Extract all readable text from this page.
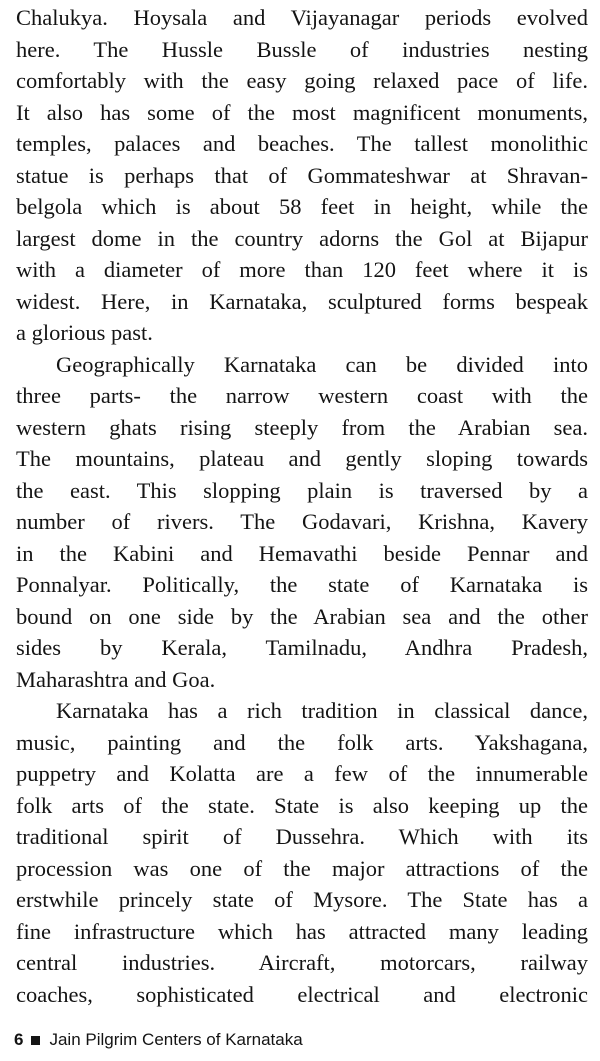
Chalukya. Hoysala and Vijayanagar periods evolved
here. The Hussle Bussle of industries nesting
comfortably with the easy going relaxed pace of life.
It also has some of the most magnificent monuments,
temples, palaces and beaches. The tallest monolithic
statue is perhaps that of Gommateshwar at Shravan-
belgola which is about 58 feet in height, while the
largest dome in the country adorns the Gol at Bijapur
with a diameter of more than 120 feet where it is
widest. Here, in Karnataka, sculptured forms bespeak
a glorious past.

Geographically Karnataka can be divided into
three parts- the narrow western coast with the
western ghats rising steeply from the Arabian sea.
The mountains, plateau and gently sloping towards
the east. This slopping plain is traversed by a
number of rivers. The Godavari, Krishna, Kavery
in the Kabini and Hemavathi beside Pennar and
Ponnalyar. Politically, the state of Karnataka is
bound on one side by the Arabian sea and the other
sides by Kerala, Tamilnadu, Andhra Pradesh,
Maharashtra and Goa.

Karnataka has a rich tradition in classical dance,
music, painting and the folk arts. Yakshagana,
puppetry and Kolatta are a few of the innumerable
folk arts of the state. State is also keeping up the
traditional spirit of Dussehra. Which with its
procession was one of the major attractions of the
erstwhile princely state of Mysore. The State has a
fine infrastructure which has attracted many leading
central industries. Aircraft, motorcars, railway
coaches, sophisticated electrical and electronic

6 Jain Pilgrim Centers of Karnataka
